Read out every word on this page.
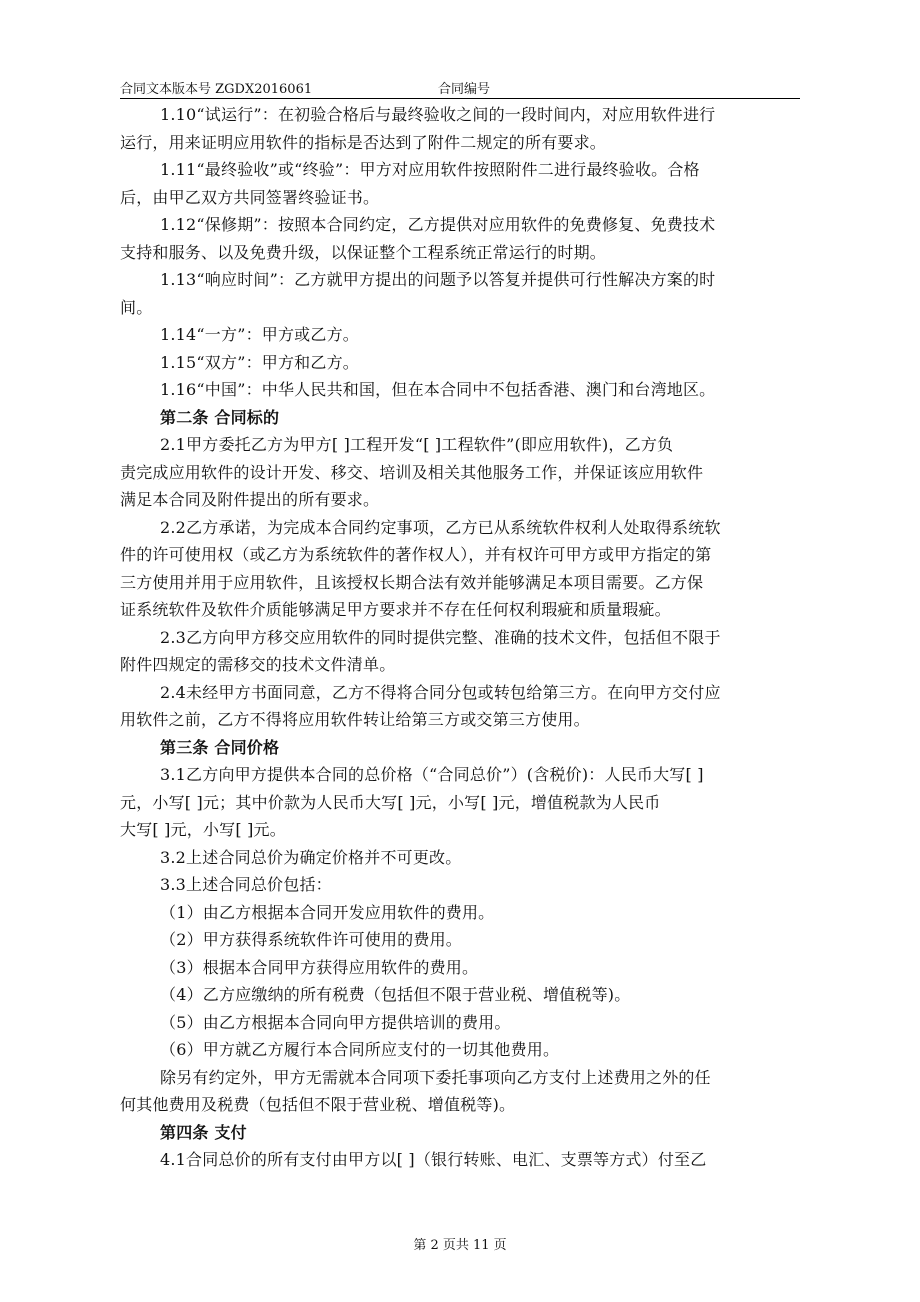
合同文本版本号 ZGDX2016061	合同编号
1.10“试运行”：在初验合格后与最终验收之间的一段时间内，对应用软件进行
运行，用来证明应用软件的指标是否达到了附件二规定的所有要求。
1.11“最终验收”或“终验”：甲方对应用软件按照附件二进行最终验收。合格
后，由甲乙双方共同签署终验证书。
1.12“保修期”：按照本合同约定，乙方提供对应用软件的免费修复、免费技术
支持和服务、以及免费升级，以保证整个工程系统正常运行的时期。
1.13“响应时间”：乙方就甲方提出的问题予以答复并提供可行性解决方案的时
间。
1.14“一方”：甲方或乙方。
1.15“双方”：甲方和乙方。
1.16“中国”：中华人民共和国，但在本合同中不包括香港、澳门和台湾地区。
第二条 合同标的
2.1甲方委托乙方为甲方[ ]工程开发“[ ]工程软件”(即应用软件)，乙方负
责完成应用软件的设计开发、移交、培训及相关其他服务工作，并保证该应用软件
满足本合同及附件提出的所有要求。
2.2乙方承诺，为完成本合同约定事项，乙方已从系统软件权利人处取得系统软
件的许可使用权（或乙方为系统软件的著作权人），并有权许可甲方或甲方指定的第
三方使用并用于应用软件，且该授权长期合法有效并能够满足本项目需要。乙方保
证系统软件及软件介质能够满足甲方要求并不存在任何权利瑕疵和质量瑕疵。
2.3乙方向甲方移交应用软件的同时提供完整、准确的技术文件，包括但不限于
附件四规定的需移交的技术文件清单。
2.4未经甲方书面同意，乙方不得将合同分包或转包给第三方。在向甲方交付应
用软件之前，乙方不得将应用软件转让给第三方或交第三方使用。
第三条 合同价格
3.1乙方向甲方提供本合同的总价格（“合同总价”）(含税价)：人民币大写[ ]
元，小写[ ]元；其中价款为人民币大写[ ]元，小写[ ]元，增值税款为人民币
大写[ ]元，小写[ ]元。
3.2上述合同总价为确定价格并不可更改。
3.3上述合同总价包括：
（1）由乙方根据本合同开发应用软件的费用。
（2）甲方获得系统软件许可使用的费用。
（3）根据本合同甲方获得应用软件的费用。
（4）乙方应缴纳的所有税费（包括但不限于营业税、增值税等)。
（5）由乙方根据本合同向甲方提供培训的费用。
（6）甲方就乙方履行本合同所应支付的一切其他费用。
除另有约定外，甲方无需就本合同项下委托事项向乙方支付上述费用之外的任
何其他费用及税费（包括但不限于营业税、增值税等)。
第四条 支付
4.1合同总价的所有支付由甲方以[ ]（银行转账、电汇、支票等方式）付至乙
第 2 页共 11 页
